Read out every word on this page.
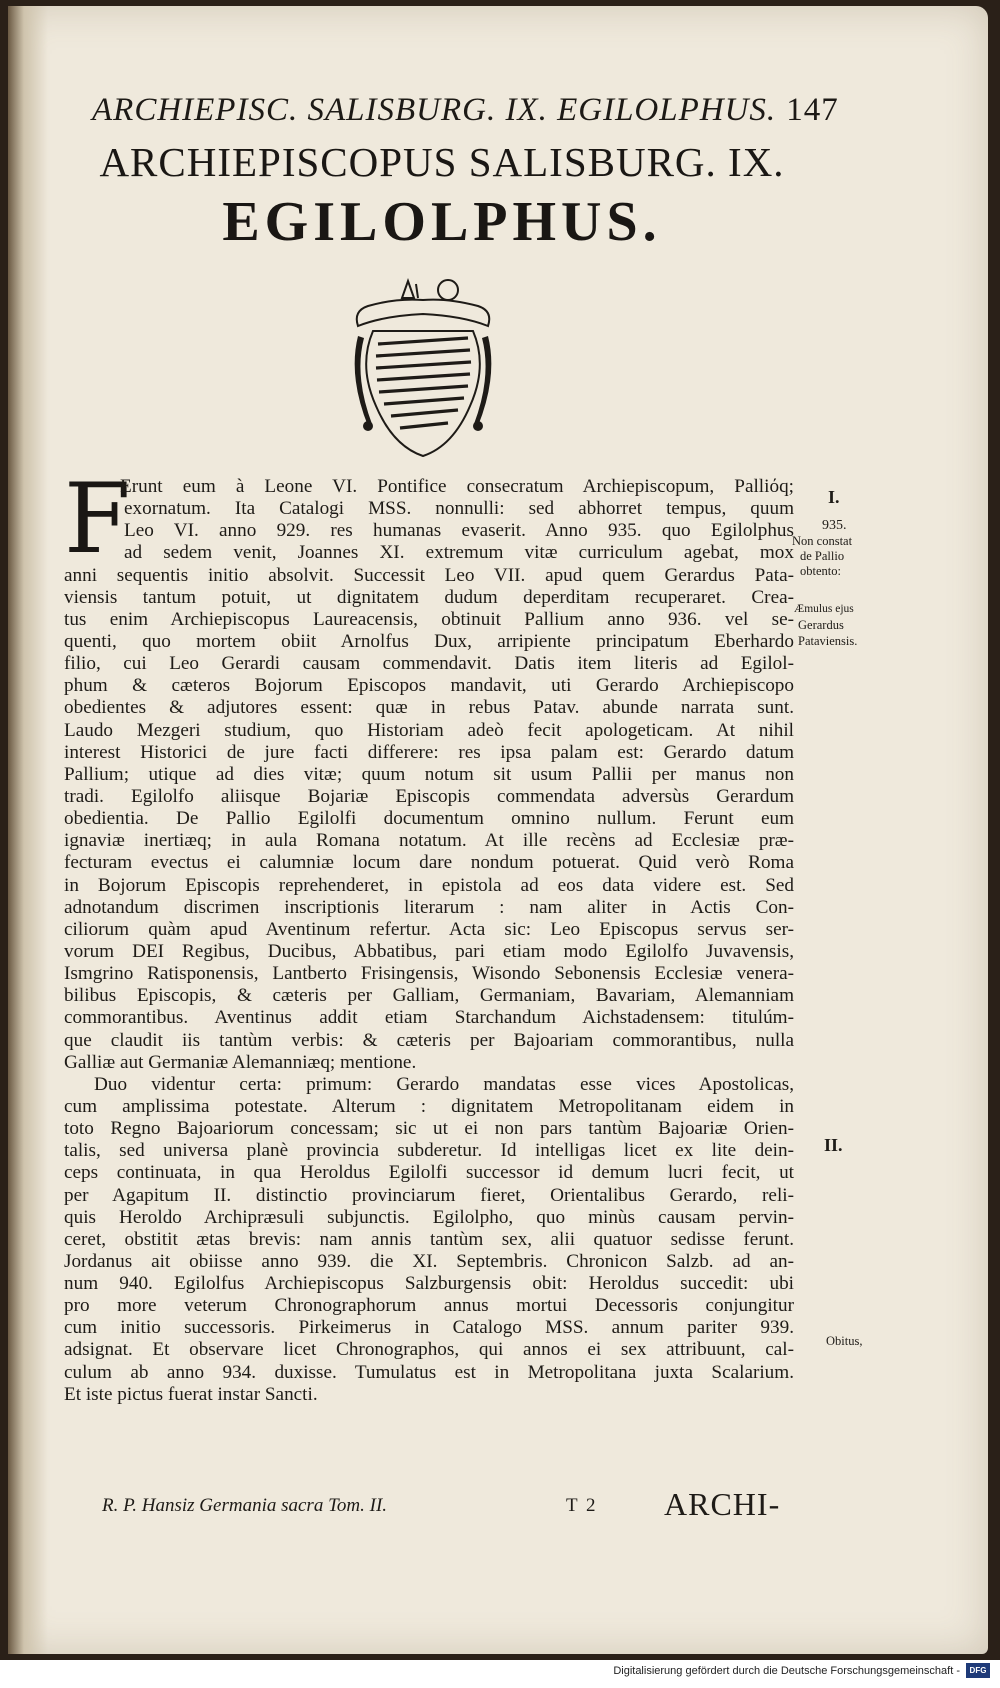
ARCHIEPISC. SALISBURG. IX. EGILOLPHUS. 147
ARCHIEPISCOPUS SALISBURG. IX.
EGILOLPHUS.
F
Erunt eum à Leone VI. Pontifice consecratum Archiepiscopum, Palliόq;
exornatum. Ita Catalogi MSS. nonnulli: sed abhorret tempus, quum
Leo VI. anno 929. res humanas evaserit. Anno 935. quo Egilolphus
ad sedem venit, Joannes XI. extremum vitæ curriculum agebat, mox
anni sequentis initio absolvit. Successit Leo VII. apud quem Gerardus Pata-
viensis tantum potuit, ut dignitatem dudum deperditam recuperaret. Crea-
tus enim Archiepiscopus Laureacensis, obtinuit Pallium anno 936. vel se-
quenti, quo mortem obiit Arnolfus Dux, arripiente principatum Eberhardo
filio, cui Leo Gerardi causam commendavit. Datis item literis ad Egilol-
phum & cæteros Bojorum Episcopos mandavit, uti Gerardo Archiepiscopo
obedientes & adjutores essent: quæ in rebus Patav. abunde narrata sunt.
Laudo Mezgeri studium, quo Historiam adeò fecit apologeticam. At nihil
interest Historici de jure facti differere: res ipsa palam est: Gerardo datum
Pallium; utique ad dies vitæ; quum notum sit usum Pallii per manus non
tradi. Egilolfo aliisque Bojariæ Episcopis commendata adversùs Gerardum
obedientia. De Pallio Egilolfi documentum omnino nullum. Ferunt eum
ignaviæ inertiæq; in aula Romana notatum. At ille recèns ad Ecclesiæ præ-
fecturam evectus ei calumniæ locum dare nondum potuerat. Quid verò Roma
in Bojorum Episcopis reprehenderet, in epistola ad eos data videre est. Sed
adnotandum discrimen inscriptionis literarum : nam aliter in Actis Con-
ciliorum quàm apud Aventinum refertur. Acta sic: Leo Episcopus servus ser-
vorum DEI Regibus, Ducibus, Abbatibus, pari etiam modo Egilolfo Juvavensis,
Ismgrino Ratisponensis, Lantberto Frisingensis, Wisondo Sebonensis Ecclesiæ venera-
bilibus Episcopis, & cæteris per Galliam, Germaniam, Bavariam, Alemanniam
commorantibus. Aventinus addit etiam Starchandum Aichstadensem: titulúm-
que claudit iis tantùm verbis: & cæteris per Bajoariam commorantibus, nulla
Galliæ aut Germaniæ Alemanniæq; mentione.
Duo videntur certa: primum: Gerardo mandatas esse vices Apostolicas,
cum amplissima potestate. Alterum : dignitatem Metropolitanam eidem in
toto Regno Bajoariorum concessam; sic ut ei non pars tantùm Bajoariæ Orien-
talis, sed universa planè provincia subderetur. Id intelligas licet ex lite dein-
ceps continuata, in qua Heroldus Egilolfi successor id demum lucri fecit, ut
per Agapitum II. distinctio provinciarum fieret, Orientalibus Gerardo, reli-
quis Heroldo Archipræsuli subjunctis. Egilolpho, quo minùs causam pervin-
ceret, obstitit ætas brevis: nam annis tantùm sex, alii quatuor sedisse ferunt.
Jordanus ait obiisse anno 939. die XI. Septembris. Chronicon Salzb. ad an-
num 940. Egilolfus Archiepiscopus Salzburgensis obit: Heroldus succedit: ubi
pro more veterum Chronographorum annus mortui Decessoris conjungitur
cum initio successoris. Pirkeimerus in Catalogo MSS. annum pariter 939.
adsignat. Et observare licet Chronographos, qui annos ei sex attribuunt, cal-
culum ab anno 934. duxisse. Tumulatus est in Metropolitana juxta Scalarium.
Et iste pictus fuerat instar Sancti.
I.
935.
Non constat
de Pallio
obtento:
Æmulus ejus
Gerardus
Pataviensis.
II.
Obitus,
R. P. Hansiz Germania sacra Tom. II.	T 2 ARCHI-
Digitalisierung gefördert durch die Deutsche Forschungsgemeinschaft -	DFG
